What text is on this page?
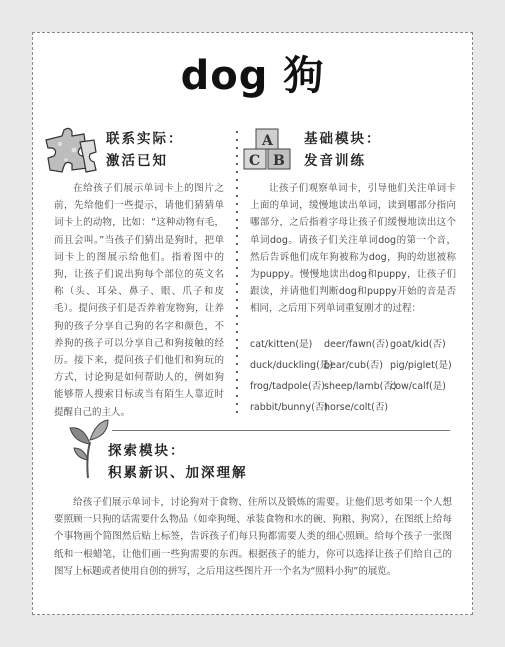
dog 狗
A
C B
联系实际：
激活已知
基础模块：
发音训练
在给孩子们展示单词卡上的图片之前，先给他们一些提示，请他们猜猜单词卡上的动物，比如：“这种动物有毛，而且会叫。”当孩子们猜出是狗时，把单词卡上的图展示给他们。指着图中的狗，让孩子们说出狗每个部位的英文名称（头、耳朵、鼻子、眼、爪子和皮毛）。提问孩子们是否养着宠物狗，让养狗的孩子分享自己狗的名字和颜色，不养狗的孩子可以分享自己和狗接触的经历。接下来，提问孩子们他们和狗玩的方式，讨论狗是如何帮助人的，例如狗能够帮人搜索目标或当有陌生人靠近时提醒自己的主人。
让孩子们观察单词卡，引导他们关注单词卡上面的单词，缓慢地读出单词，读到哪部分指向哪部分，之后指着字母让孩子们缓慢地读出这个单词dog。请孩子们关注单词dog的第一个音，然后告诉他们成年狗被称为dog，狗的幼崽被称为puppy。慢慢地读出dog和puppy，让孩子们跟读，并请他们判断dog和puppy开始的音是否相同，之后用下列单词重复刚才的过程：
cat/kitten(是)	deer/fawn(否) goat/kid(否)
duck/duckling(是)
bear/cub(否) pig/piglet(是)
frog/tadpole(否) sheep/lamb(否)
cow/calf(是)
rabbit/bunny(否)
horse/colt(否)
探索模块：
积累新识、加深理解
给孩子们展示单词卡，讨论狗对于食物、住所以及锻炼的需要。让他们思考如果一个人想要照顾一只狗的话需要什么物品（如牵狗绳、承装食物和水的碗、狗粮、狗窝），在图纸上给每个事物画个简图然后贴上标签，告诉孩子们每只狗都需要人类的细心照顾。给每个孩子一张图纸和一根蜡笔，让他们画一些狗需要的东西。根据孩子的能力，你可以选择让孩子们给自己的图写上标题或者使用自创的拼写，之后用这些图片开一个名为“照料小狗”的展览。
